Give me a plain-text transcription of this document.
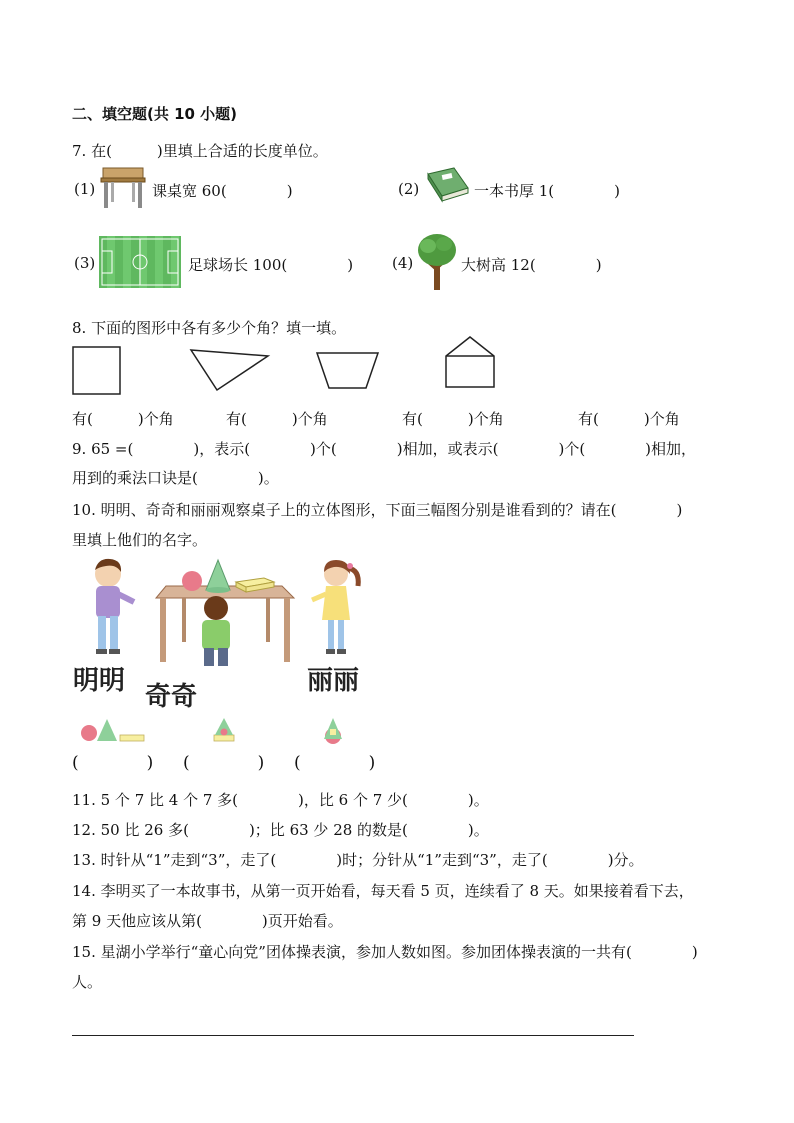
二、填空题(共 10 小题)
7. 在(　　　)里填上合适的长度单位。
(1)	课桌宽 60(　　　　)	(2)	一本书厚 1(　　　　)
(3)	足球场长 100(　　　　)	(4)	大树高 12(　　　　)
8. 下面的图形中各有多少个角？填一填。
有(　　　)个角	有(　　　)个角	有(　　　)个角	有(　　　)个角
9. 65 =(　　　　)，表示(　　　　)个(　　　　)相加，或表示(　　　　)个(　　　　)相加，
用到的乘法口诀是(　　　　)。
10. 明明、奇奇和丽丽观察桌子上的立体图形，下面三幅图分别是谁看到的？请在(　　　　)
里填上他们的名字。
明明
奇奇
丽丽
(　　　　) (　　　　) (　　　　)
11. 5 个 7 比 4 个 7 多(　　　　)，比 6 个 7 少(　　　　)。
12. 50 比 26 多(　　　　)；比 63 少 28 的数是(　　　　)。
13. 时针从“1”走到“3”，走了(　　　　)时；分针从“1”走到“3”，走了(　　　　)分。
14. 李明买了一本故事书，从第一页开始看，每天看 5 页，连续看了 8 天。如果接着看下去，
第 9 天他应该从第(　　　　)页开始看。
15. 星湖小学举行“童心向党”团体操表演，参加人数如图。参加团体操表演的一共有(　　　　)
人。
